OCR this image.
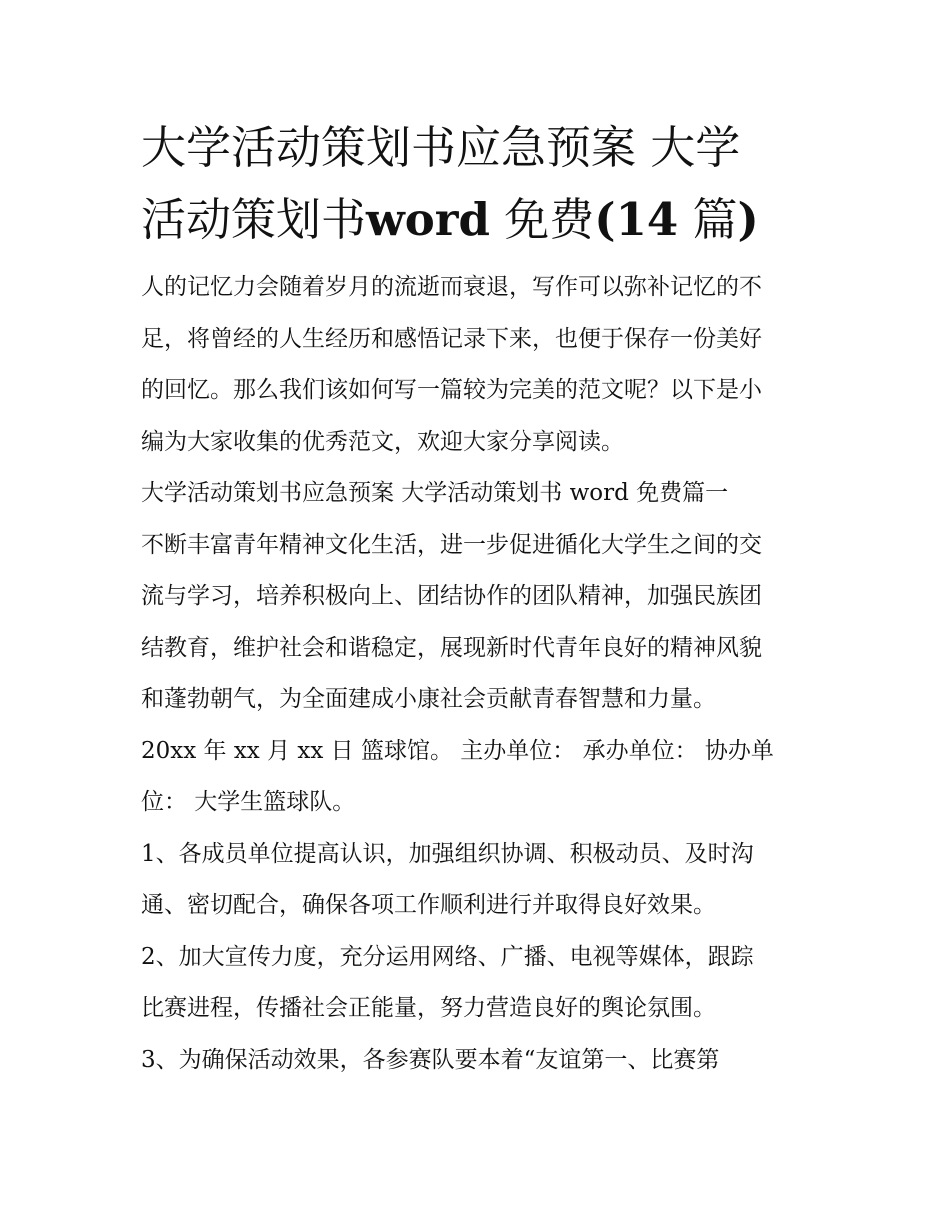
大学活动策划书应急预案 大学
活动策划书word 免费(14 篇)

人的记忆力会随着岁月的流逝而衰退，写作可以弥补记忆的不
足，将曾经的人生经历和感悟记录下来，也便于保存一份美好
的回忆。那么我们该如何写一篇较为完美的范文呢？以下是小
编为大家收集的优秀范文，欢迎大家分享阅读。

大学活动策划书应急预案 大学活动策划书 word 免费篇一

不断丰富青年精神文化生活，进一步促进循化大学生之间的交
流与学习，培养积极向上、团结协作的团队精神，加强民族团
结教育，维护社会和谐稳定，展现新时代青年良好的精神风貌
和蓬勃朝气，为全面建成小康社会贡献青春智慧和力量。

20xx 年 xx 月 xx 日 篮球馆。 主办单位： 承办单位： 协办单
位： 大学生篮球队。

1、各成员单位提高认识，加强组织协调、积极动员、及时沟
通、密切配合，确保各项工作顺利进行并取得良好效果。

2、加大宣传力度，充分运用网络、广播、电视等媒体，跟踪
比赛进程，传播社会正能量，努力营造良好的舆论氛围。

3、为确保活动效果，各参赛队要本着“友谊第一、比赛第
